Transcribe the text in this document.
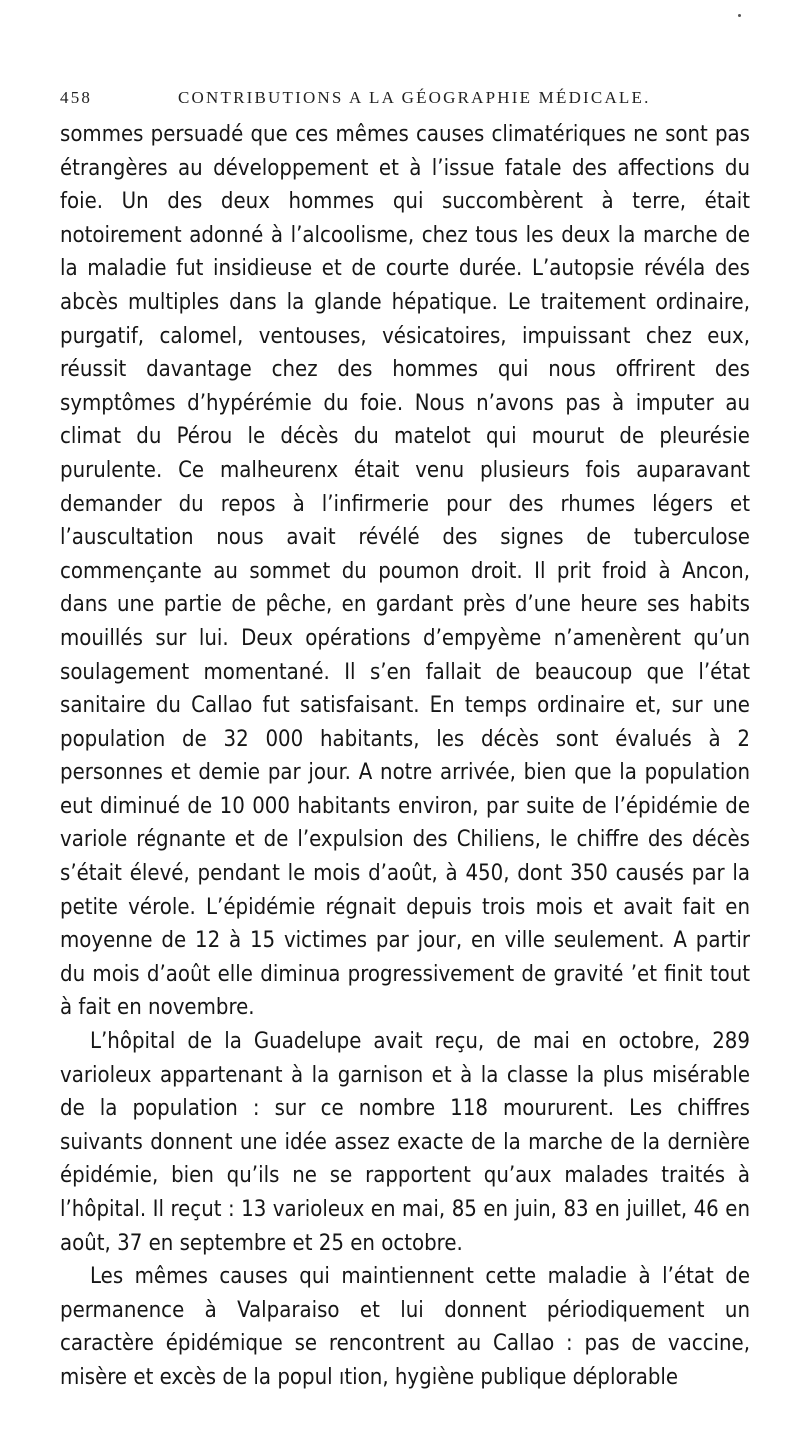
458	CONTRIBUTIONS A LA GÉOGRAPHIE MÉDICALE.

sommes persuadé que ces mêmes causes climatériques ne sont pas étrangères au développement et à l’issue fatale des affections du foie. Un des deux hommes qui succombèrent à terre, était notoirement adonné à l’alcoolisme, chez tous les deux la marche de la maladie fut insidieuse et de courte durée. L’autopsie révéla des abcès multiples dans la glande hépatique. Le traitement ordinaire, purgatif, calomel, ventouses, vésicatoires, impuissant chez eux, réussit davantage chez des hommes qui nous offrirent des symptômes d’hypérémie du foie. Nous n’avons pas à imputer au climat du Pérou le décès du matelot qui mourut de pleurésie purulente. Ce malheurenx était venu plusieurs fois auparavant demander du repos à l’infirmerie pour des rhumes légers et l’auscultation nous avait révélé des signes de tuberculose commençante au sommet du poumon droit. Il prit froid à Ancon, dans une partie de pêche, en gardant près d’une heure ses habits mouillés sur lui. Deux opérations d’empyème n’amenèrent qu’un soulagement momentané. Il s’en fallait de beaucoup que l’état sanitaire du Callao fut satisfaisant. En temps ordinaire et, sur une population de 32 000 habitants, les décès sont évalués à 2 personnes et demie par jour. A notre arrivée, bien que la population eut diminué de 10 000 habitants environ, par suite de l’épidémie de variole régnante et de l’expulsion des Chiliens, le chiffre des décès s’était élevé, pendant le mois d’août, à 450, dont 350 causés par la petite vérole. L’épidémie régnait depuis trois mois et avait fait en moyenne de 12 à 15 victimes par jour, en ville seulement. A partir du mois d’août elle diminua progressivement de gravité ’et finit tout à fait en novembre.

L’hôpital de la Guadelupe avait reçu, de mai en octobre, 289 varioleux appartenant à la garnison et à la classe la plus misérable de la population : sur ce nombre 118 moururent. Les chiffres suivants donnent une idée assez exacte de la marche de la dernière épidémie, bien qu’ils ne se rapportent qu’aux malades traités à l’hôpital. Il reçut : 13 varioleux en mai, 85 en juin, 83 en juillet, 46 en août, 37 en septembre et 25 en octobre.

Les mêmes causes qui maintiennent cette maladie à l’état de permanence à Valparaiso et lui donnent périodiquement un caractère épidémique se rencontrent au Callao : pas de vaccine, misère et excès de la popul ıtion, hygiène publique déplorable
